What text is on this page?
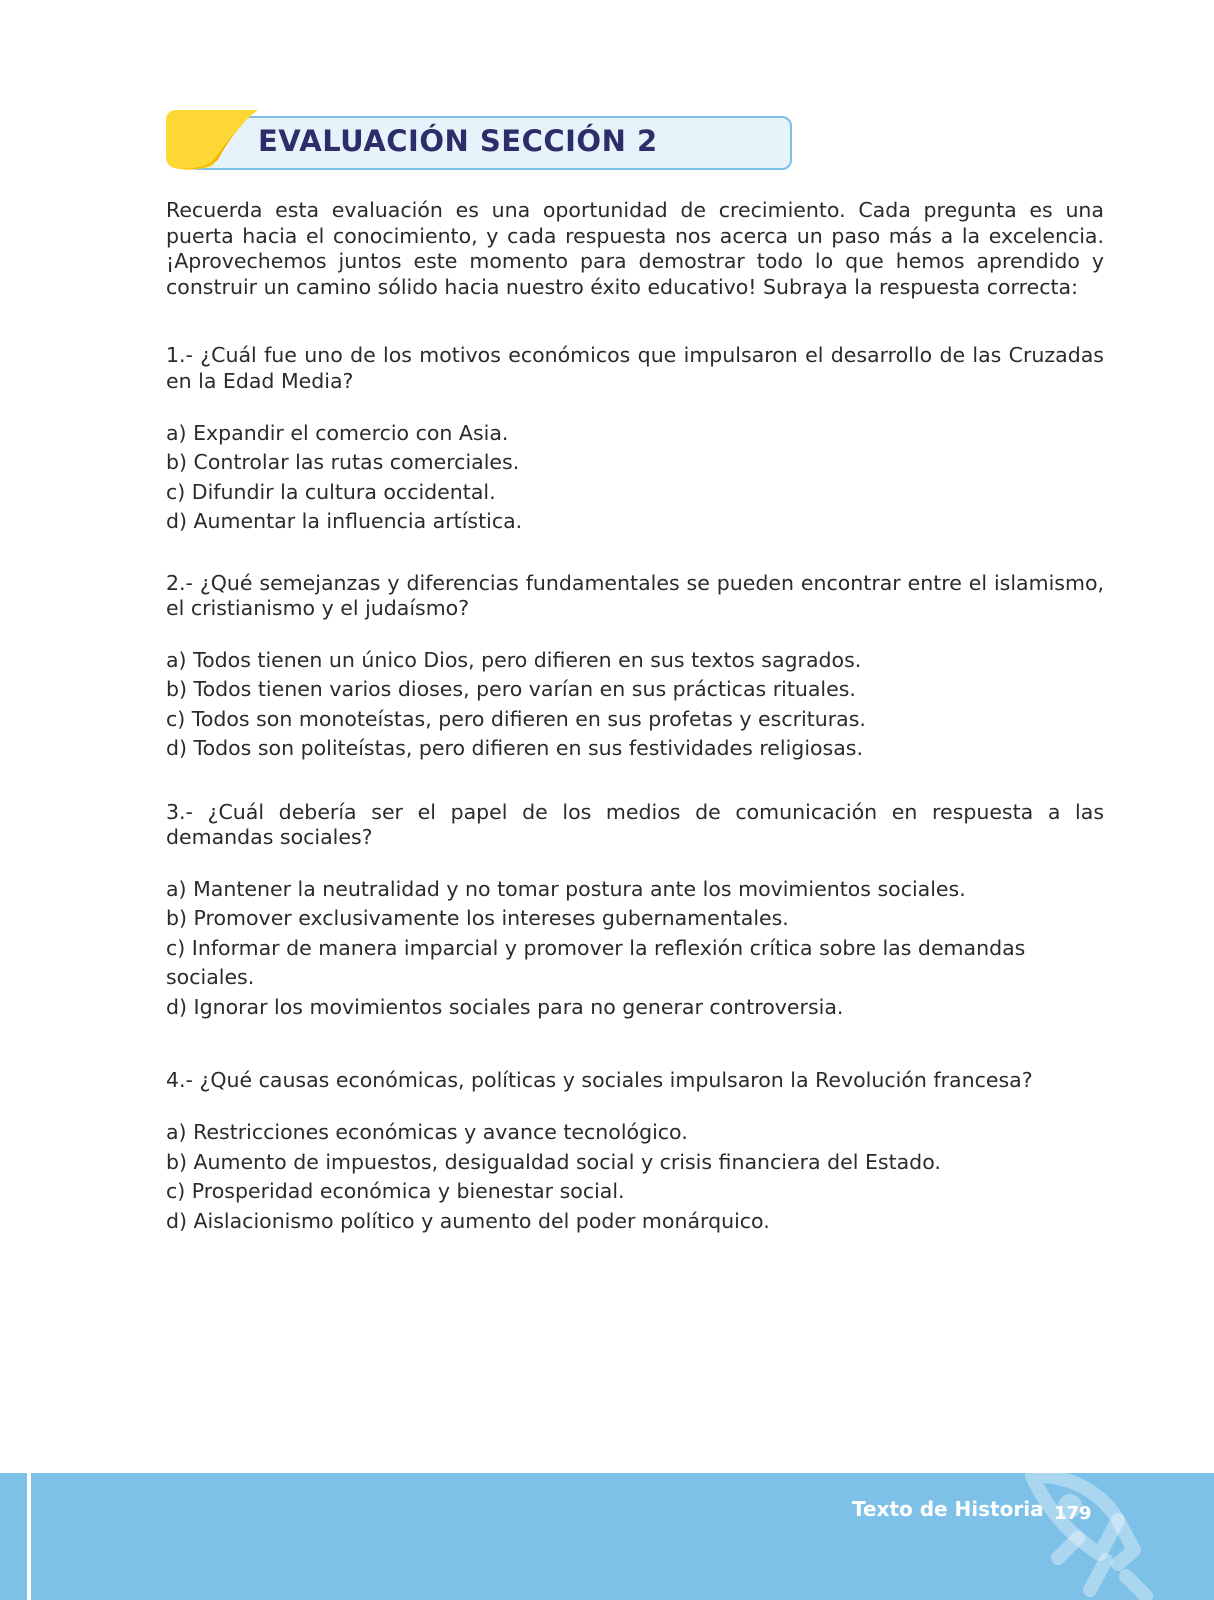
EVALUACIÓN SECCIÓN 2

Recuerda esta evaluación es una oportunidad de crecimiento. Cada pregunta es una puerta hacia el conocimiento, y cada respuesta nos acerca un paso más a la excelencia. ¡Aprovechemos juntos este momento para demostrar todo lo que hemos aprendido y construir un camino sólido hacia nuestro éxito educativo! Subraya la respuesta correcta:

1.- ¿Cuál fue uno de los motivos económicos que impulsaron el desarrollo de las Cruzadas en la Edad Media?

a) Expandir el comercio con Asia.
b) Controlar las rutas comerciales.
c) Difundir la cultura occidental.
d) Aumentar la influencia artística.

2.- ¿Qué semejanzas y diferencias fundamentales se pueden encontrar entre el islamismo, el cristianismo y el judaísmo?

a) Todos tienen un único Dios, pero difieren en sus textos sagrados.
b) Todos tienen varios dioses, pero varían en sus prácticas rituales.
c) Todos son monoteístas, pero difieren en sus profetas y escrituras.
d) Todos son politeístas, pero difieren en sus festividades religiosas.

3.- ¿Cuál debería ser el papel de los medios de comunicación en respuesta a las demandas sociales?

a) Mantener la neutralidad y no tomar postura ante los movimientos sociales.
b) Promover exclusivamente los intereses gubernamentales.
c) Informar de manera imparcial y promover la reflexión crítica sobre las demandas sociales.
d) Ignorar los movimientos sociales para no generar controversia.

4.- ¿Qué causas económicas, políticas y sociales impulsaron la Revolución francesa?

a) Restricciones económicas y avance tecnológico.
b) Aumento de impuestos, desigualdad social y crisis financiera del Estado.
c) Prosperidad económica y bienestar social.
d) Aislacionismo político y aumento del poder monárquico.
Texto de Historia 179
